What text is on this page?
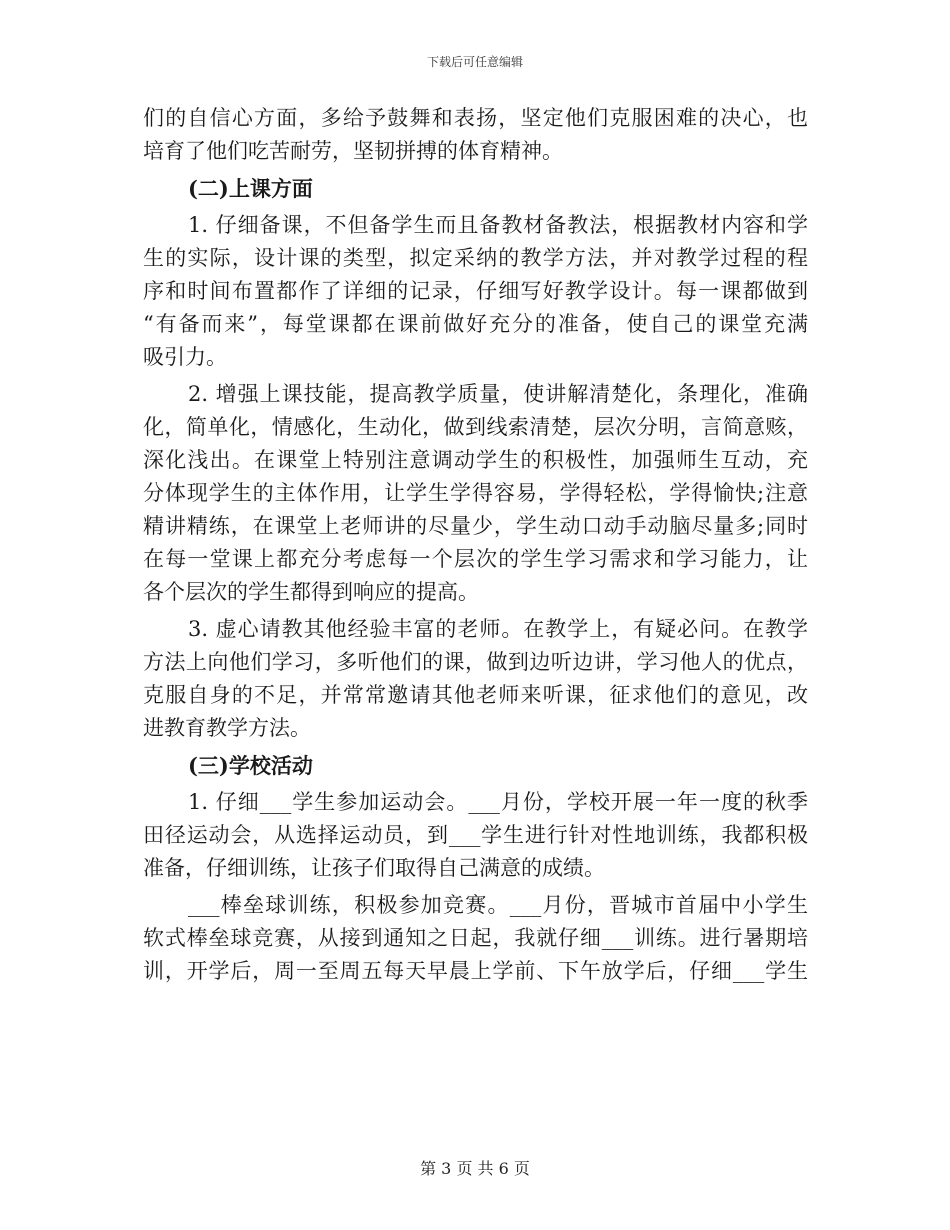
下载后可任意编辑
们的自信心方面，多给予鼓舞和表扬，坚定他们克服困难的决心，也
培育了他们吃苦耐劳，坚韧拼搏的体育精神。
(二)上课方面
1. 仔细备课，不但备学生而且备教材备教法，根据教材内容和学
生的实际，设计课的类型，拟定采纳的教学方法，并对教学过程的程
序和时间布置都作了详细的记录，仔细写好教学设计。每一课都做到
“有备而来”，每堂课都在课前做好充分的准备，使自己的课堂充满
吸引力。
2. 增强上课技能，提高教学质量，使讲解清楚化，条理化，准确
化，简单化，情感化，生动化，做到线索清楚，层次分明，言简意赅，
深化浅出。在课堂上特别注意调动学生的积极性，加强师生互动，充
分体现学生的主体作用，让学生学得容易，学得轻松，学得愉快;注意
精讲精练，在课堂上老师讲的尽量少，学生动口动手动脑尽量多;同时
在每一堂课上都充分考虑每一个层次的学生学习需求和学习能力，让
各个层次的学生都得到响应的提高。
3. 虚心请教其他经验丰富的老师。在教学上，有疑必问。在教学
方法上向他们学习，多听他们的课，做到边听边讲，学习他人的优点，
克服自身的不足，并常常邀请其他老师来听课，征求他们的意见，改
进教育教学方法。
(三)学校活动
1. 仔细___学生参加运动会。___月份，学校开展一年一度的秋季
田径运动会，从选择运动员，到___学生进行针对性地训练，我都积极
准备，仔细训练，让孩子们取得自己满意的成绩。
___棒垒球训练，积极参加竞赛。___月份，晋城市首届中小学生
软式棒垒球竞赛，从接到通知之日起，我就仔细___训练。进行暑期培
训，开学后，周一至周五每天早晨上学前、下午放学后，仔细___学生
第 3 页 共 6 页
